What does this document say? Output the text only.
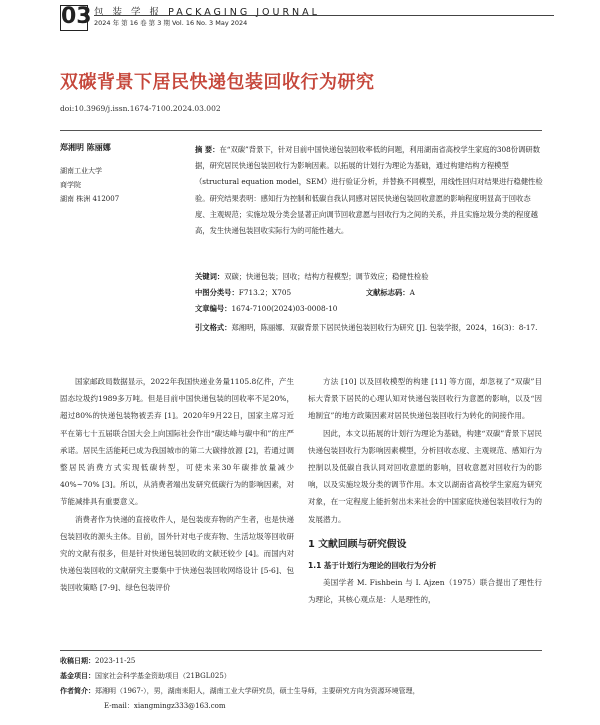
03 包 装 学 报 PACKAGING JOURNAL
2024 年 第 16 卷 第 3 期 Vol. 16 No. 3 May 2024
双碳背景下居民快递包装回收行为研究
doi:10.3969/j.issn.1674-7100.2024.03.002
郑湘明 陈丽娜
湖南工业大学
商学院
湖南 株洲 412007
摘 要：在“双碳”背景下，针对目前中国快递包装回收率低的问题，利用湖南省高校学生家庭的308份调研数据，研究居民快递包装回收行为影响因素。以拓展的计划行为理论为基础，通过构建结构方程模型（structural equation model，SEM）进行验证分析，并替换不同模型，用线性回归对结果进行稳健性检验。研究结果表明：感知行为控制和低碳自我认同感对居民快递包装回收意愿的影响程度明显高于回收态度、主观规范；实施垃圾分类会显著正向调节回收意愿与回收行为之间的关系，并且实施垃圾分类的程度越高，发生快递包装回收实际行为的可能性越大。
关键词：双碳；快递包装；回收；结构方程模型；调节效应；稳健性检验
中图分类号：F713.2；X705	文献标志码：A
文章编号：1674-7100(2024)03-0008-10
引文格式：郑湘明，陈丽娜．双碳背景下居民快递包装回收行为研究 [J]. 包装学报，2024，16(3)：8-17.

国家邮政局数据显示，2022年我国快递业务量1105.8亿件，产生固态垃圾约1989多万吨。但是目前中国快递包装的回收率不足20%，超过80%的快递包装物被丢弃 [1]。2020年9月22日，国家主席习近平在第七十五届联合国大会上向国际社会作出“碳达峰与碳中和”的庄严承诺。居民生活能耗已成为我国城市的第二大碳排放源 [2]，若通过调整居民消费方式实现低碳转型，可使未来30年碳排放量减少40%~70% [3]。所以，从消费者端出发研究低碳行为的影响因素，对节能减排具有重要意义。

消费者作为快递的直接收件人，是包装废弃物的产生者，也是快递包装回收的源头主体。目前，国外针对电子废弃物、生活垃圾等回收研究的文献有很多，但是针对快递包装回收的文献还较少 [4]。而国内对快递包装回收的文献研究主要集中于快递包装回收网络设计 [5-6]、包装回收策略 [7-9]、绿色包装评价

方法 [10] 以及回收模型的构建 [11] 等方面，却忽视了“双碳”目标大背景下居民的心理认知对快递包装回收行为意愿的影响，以及“因地制宜”的地方政策因素对居民快递包装回收行为转化的间接作用。

因此，本文以拓展的计划行为理论为基础，构建“双碳”背景下居民快递包装回收行为影响因素模型，分析回收态度、主观规范、感知行为控制以及低碳自我认同对回收意愿的影响，回收意愿对回收行为的影响，以及实施垃圾分类的调节作用。本文以湖南省高校学生家庭为研究对象，在一定程度上能折射出未来社会的中国家庭快递包装回收行为的发展潜力。

1 文献回顾与研究假设

1.1 基于计划行为理论的回收行为分析

美国学者 M. Fishbein 与 I. Ajzen（1975）联合提出了理性行为理论，其核心观点是：人是理性的，

收稿日期：2023-11-25
基金项目：国家社会科学基金资助项目（21BGL025）
作者简介：郑湘明（1967-），男，湖南耒阳人，湖南工业大学研究员，硕士生导师，主要研究方向为资源环境管理，
E-mail：xiangmingz333@163.com
